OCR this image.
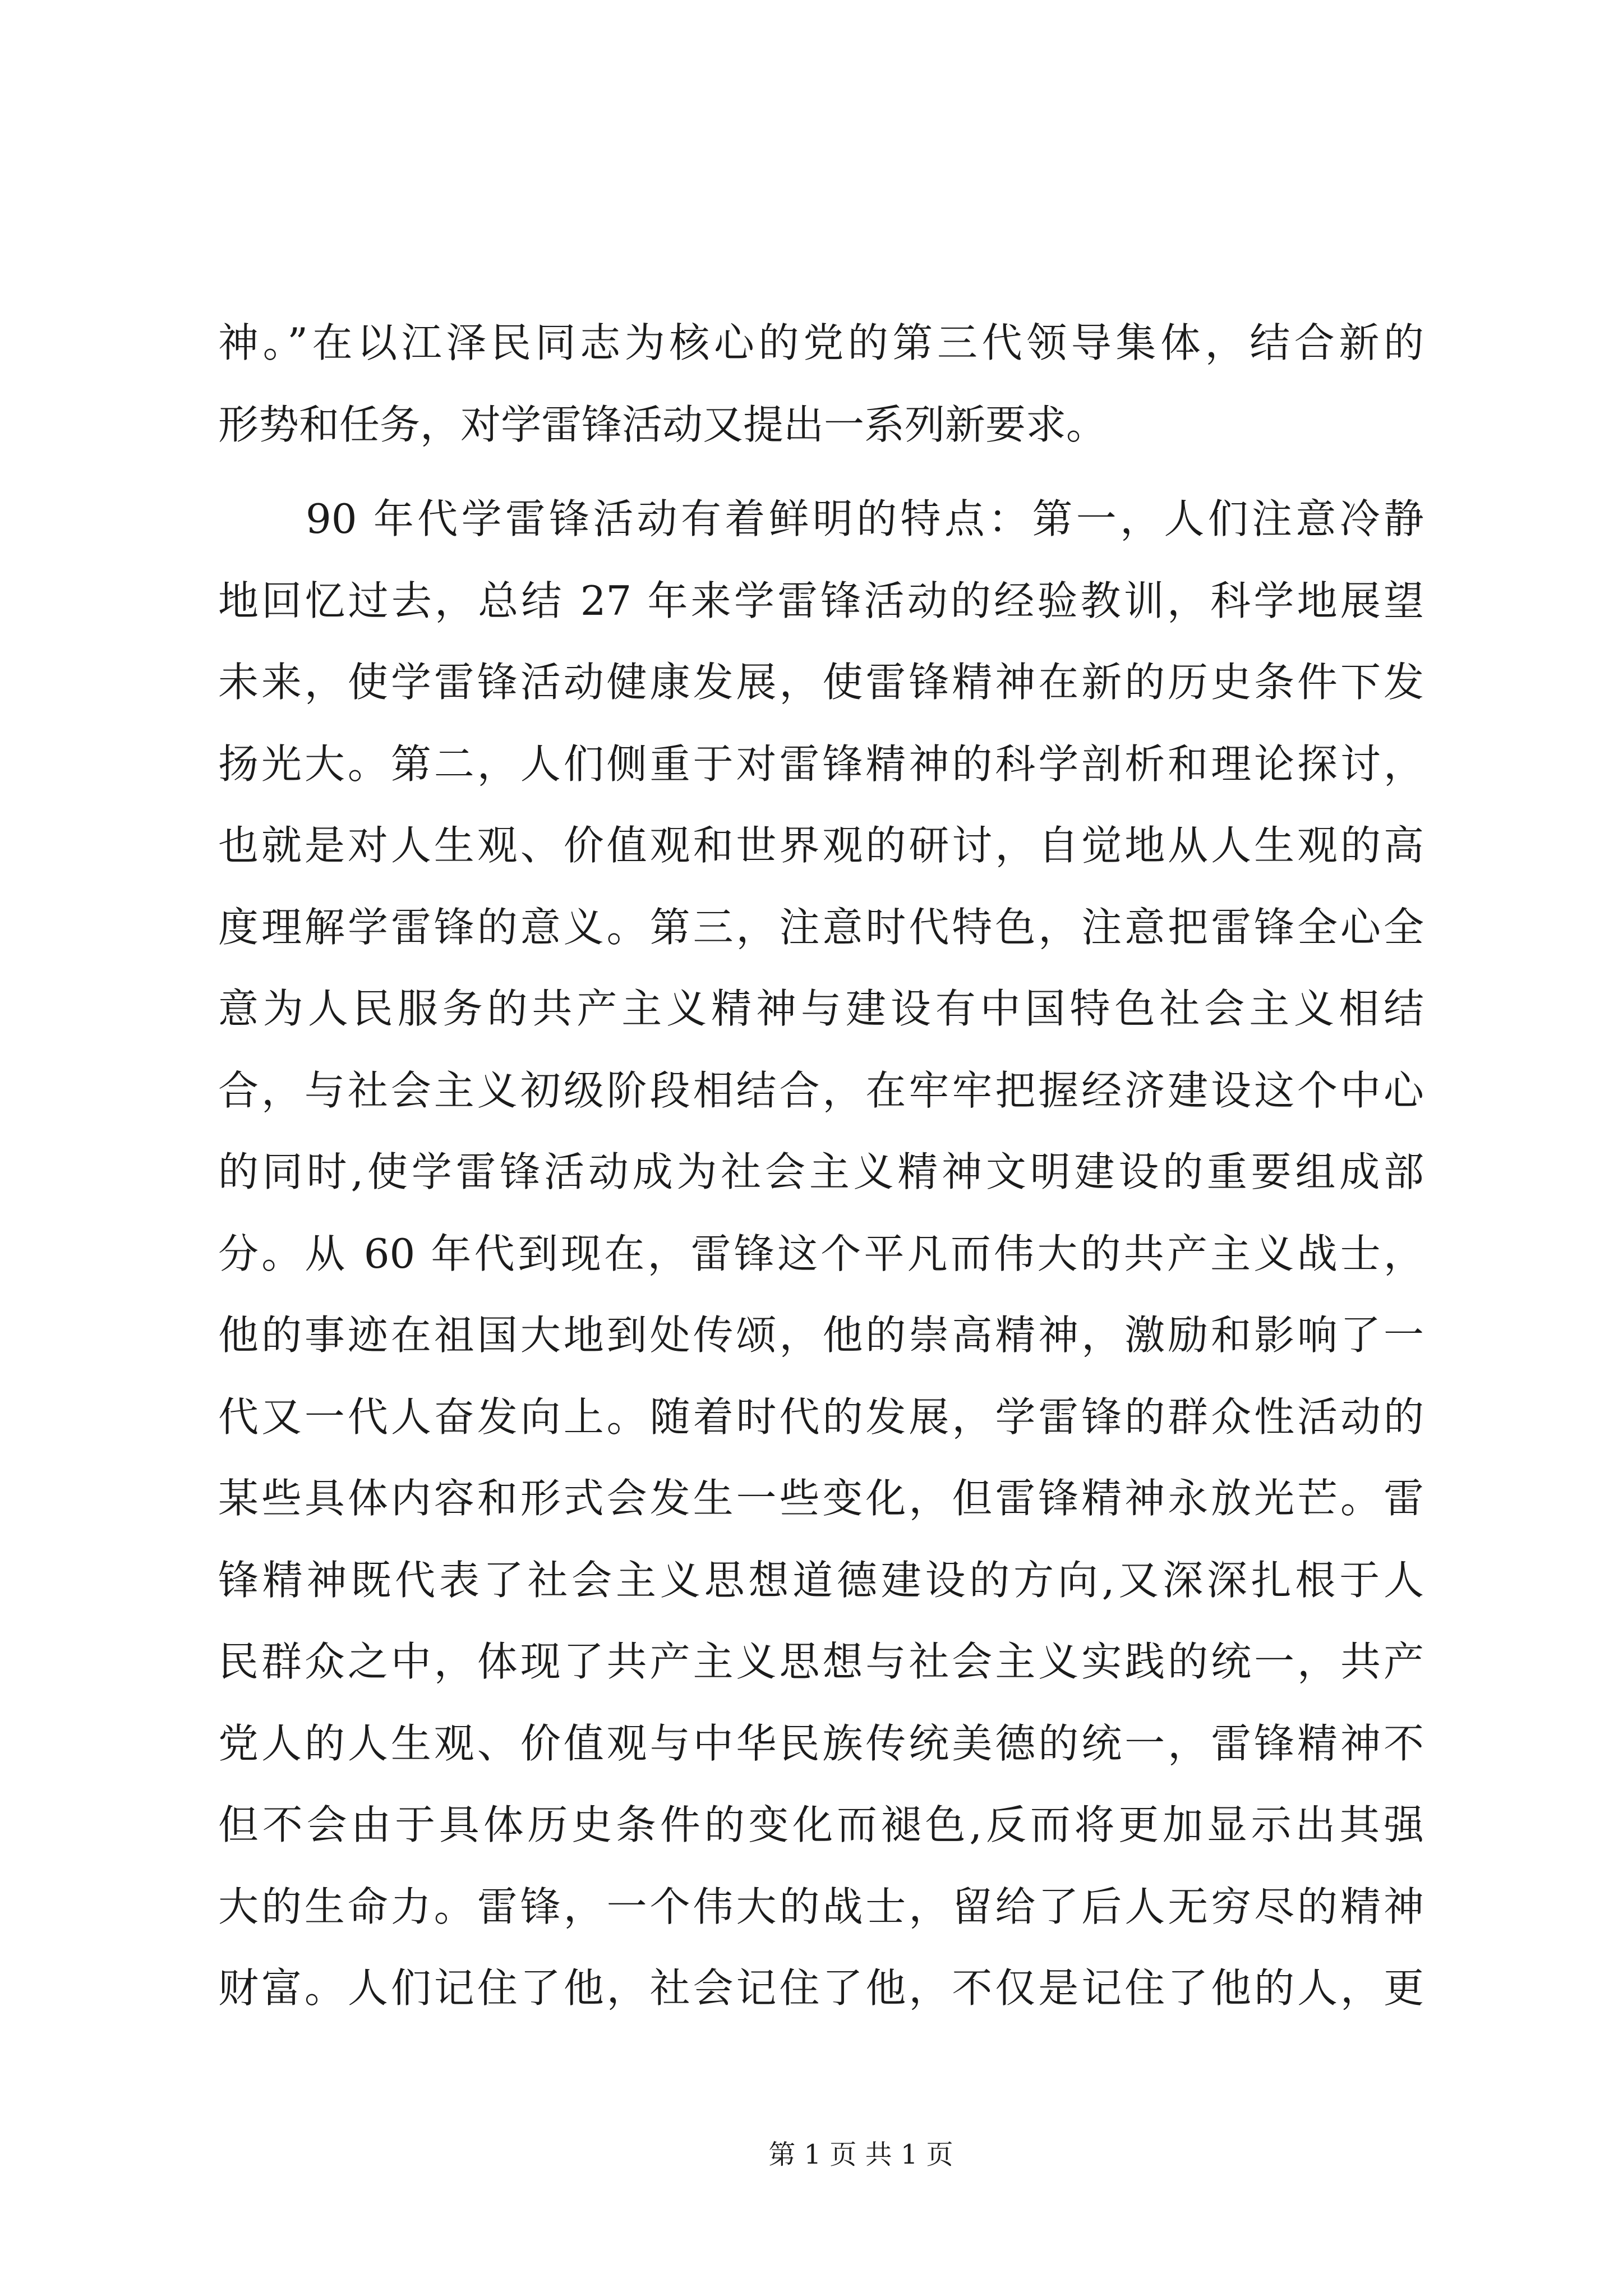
神。”在以江泽民同志为核心的党的第三代领导集体，结合新的
形势和任务，对学雷锋活动又提出一系列新要求。
90 年代学雷锋活动有着鲜明的特点：第一，人们注意冷静
地回忆过去，总结 27 年来学雷锋活动的经验教训，科学地展望
未来，使学雷锋活动健康发展，使雷锋精神在新的历史条件下发
扬光大。第二，人们侧重于对雷锋精神的科学剖析和理论探讨，
也就是对人生观、价值观和世界观的研讨，自觉地从人生观的高
度理解学雷锋的意义。第三，注意时代特色，注意把雷锋全心全
意为人民服务的共产主义精神与建设有中国特色社会主义相结
合，与社会主义初级阶段相结合，在牢牢把握经济建设这个中心
的同时,使学雷锋活动成为社会主义精神文明建设的重要组成部
分。从 60 年代到现在，雷锋这个平凡而伟大的共产主义战士，
他的事迹在祖国大地到处传颂，他的崇高精神，激励和影响了一
代又一代人奋发向上。随着时代的发展，学雷锋的群众性活动的
某些具体内容和形式会发生一些变化，但雷锋精神永放光芒。雷
锋精神既代表了社会主义思想道德建设的方向,又深深扎根于人
民群众之中，体现了共产主义思想与社会主义实践的统一，共产
党人的人生观、价值观与中华民族传统美德的统一，雷锋精神不
但不会由于具体历史条件的变化而褪色,反而将更加显示出其强
大的生命力。雷锋，一个伟大的战士，留给了后人无穷尽的精神
财富。人们记住了他，社会记住了他，不仅是记住了他的人，更
第 1 页 共 1 页
